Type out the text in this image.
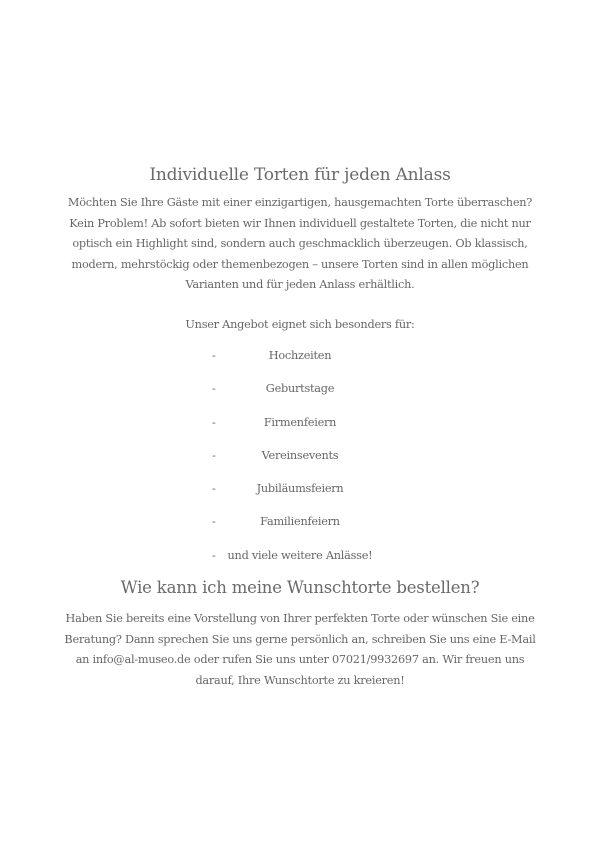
Individuelle Torten für jeden Anlass

Möchten Sie Ihre Gäste mit einer einzigartigen, hausgemachten Torte überraschen? Kein Problem! Ab sofort bieten wir Ihnen individuell gestaltete Torten, die nicht nur optisch ein Highlight sind, sondern auch geschmacklich überzeugen. Ob klassisch, modern, mehrstöckig oder themenbezogen – unsere Torten sind in allen möglichen Varianten und für jeden Anlass erhältlich.

Unser Angebot eignet sich besonders für:

-	Hochzeiten
-	Geburtstage
-	Firmenfeiern
-	Vereinsevents
-	Jubiläumsfeiern
-	Familienfeiern
- und viele weitere Anlässe!
Wie kann ich meine Wunschtorte bestellen?

Haben Sie bereits eine Vorstellung von Ihrer perfekten Torte oder wünschen Sie eine Beratung? Dann sprechen Sie uns gerne persönlich an, schreiben Sie uns eine E-Mail an info@al-museo.de oder rufen Sie uns unter 07021/9932697 an. Wir freuen uns darauf, Ihre Wunschtorte zu kreieren!
